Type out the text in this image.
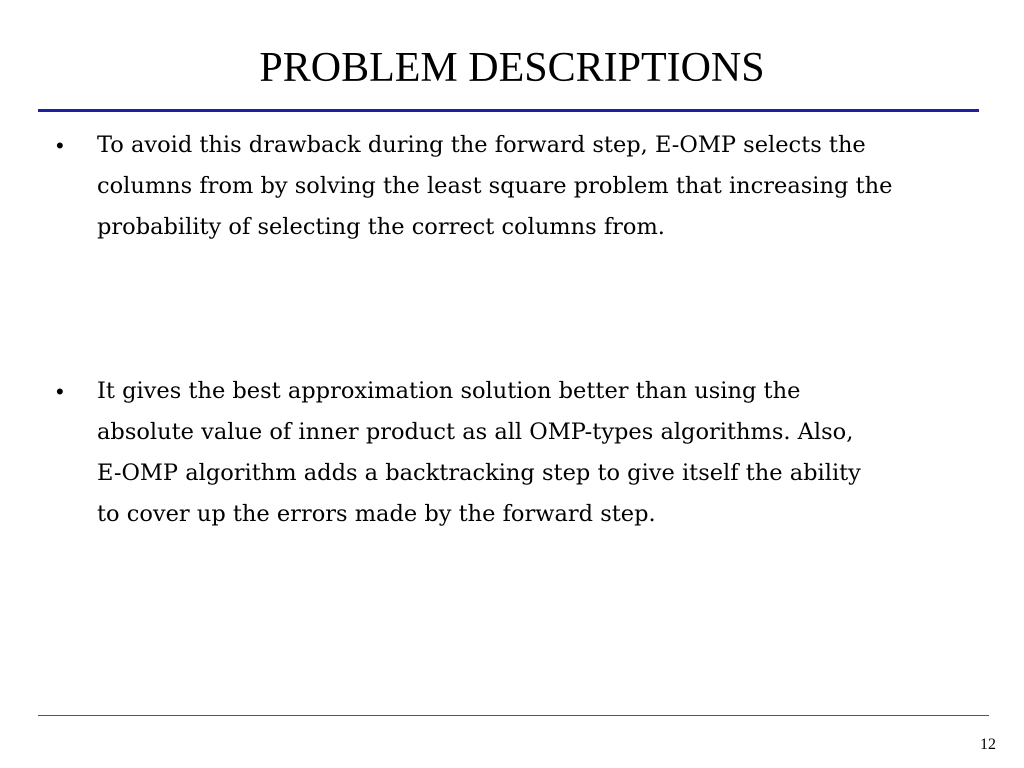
PROBLEM DESCRIPTIONS
• To avoid this drawback during the forward step, E-OMP selects the
columns from by solving the least square problem that increasing the
probability of selecting the correct columns from.
• It gives the best approximation solution better than using the
absolute value of inner product as all OMP-types algorithms. Also,
E-OMP algorithm adds a backtracking step to give itself the ability
to cover up the errors made by the forward step.
12
